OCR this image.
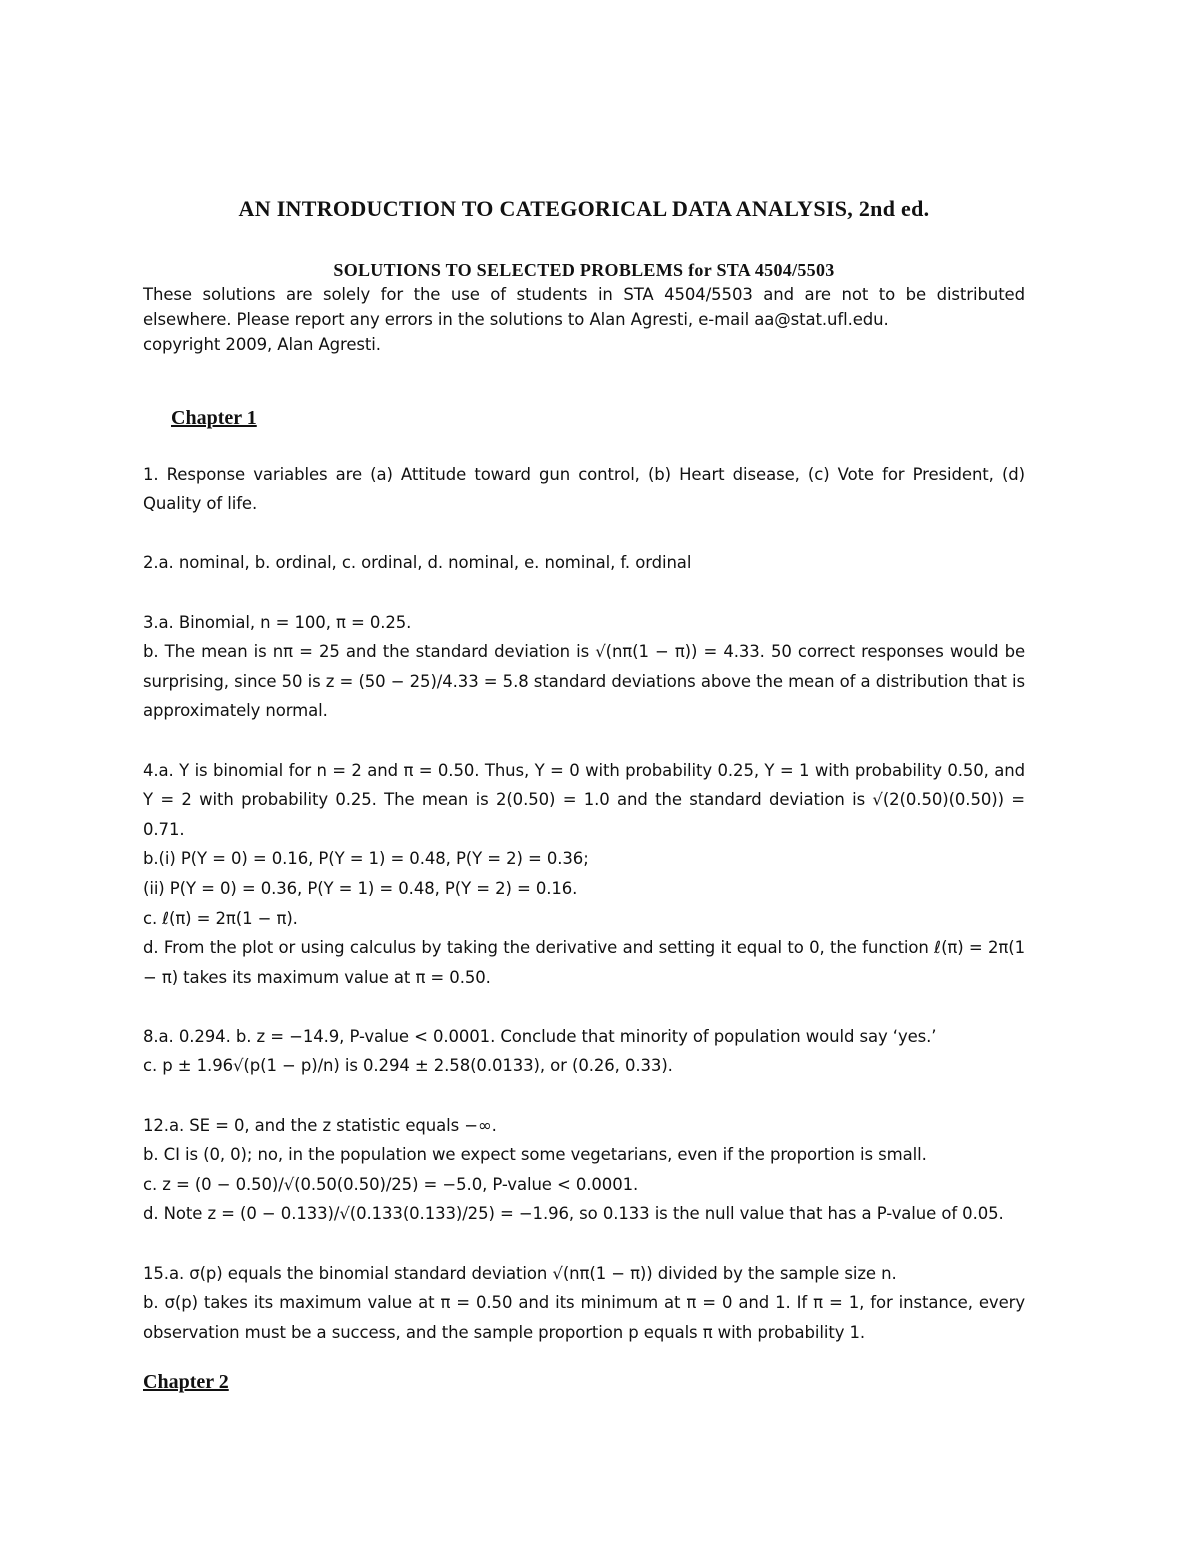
AN INTRODUCTION TO CATEGORICAL DATA ANALYSIS, 2nd ed.
SOLUTIONS TO SELECTED PROBLEMS for STA 4504/5503

These solutions are solely for the use of students in STA 4504/5503 and are not to be distributed elsewhere. Please report any errors in the solutions to Alan Agresti, e-mail aa@stat.ufl.edu.
copyright 2009, Alan Agresti.

Chapter 1

1. Response variables are (a) Attitude toward gun control, (b) Heart disease, (c) Vote for President, (d) Quality of life.

2.a. nominal, b. ordinal, c. ordinal, d. nominal, e. nominal, f. ordinal

3.a. Binomial, n = 100, π = 0.25.
b. The mean is nπ = 25 and the standard deviation is √(nπ(1 − π)) = 4.33. 50 correct responses would be surprising, since 50 is z = (50 − 25)/4.33 = 5.8 standard deviations above the mean of a distribution that is approximately normal.

4.a. Y is binomial for n = 2 and π = 0.50. Thus, Y = 0 with probability 0.25, Y = 1 with probability 0.50, and Y = 2 with probability 0.25. The mean is 2(0.50) = 1.0 and the standard deviation is √(2(0.50)(0.50)) = 0.71.
b.(i) P(Y = 0) = 0.16, P(Y = 1) = 0.48, P(Y = 2) = 0.36;
(ii) P(Y = 0) = 0.36, P(Y = 1) = 0.48, P(Y = 2) = 0.16.
c. ℓ(π) = 2π(1 − π).
d. From the plot or using calculus by taking the derivative and setting it equal to 0, the function ℓ(π) = 2π(1 − π) takes its maximum value at π = 0.50.

8.a. 0.294. b. z = −14.9, P-value < 0.0001. Conclude that minority of population would say ‘yes.’
c. p ± 1.96√(p(1 − p)/n) is 0.294 ± 2.58(0.0133), or (0.26, 0.33).

12.a. SE = 0, and the z statistic equals −∞.
b. CI is (0, 0); no, in the population we expect some vegetarians, even if the proportion is small.
c. z = (0 − 0.50)/√(0.50(0.50)/25) = −5.0, P-value < 0.0001.
d. Note z = (0 − 0.133)/√(0.133(0.133)/25) = −1.96, so 0.133 is the null value that has a P-value of 0.05.

15.a. σ(p) equals the binomial standard deviation √(nπ(1 − π)) divided by the sample size n.
b. σ(p) takes its maximum value at π = 0.50 and its minimum at π = 0 and 1. If π = 1, for instance, every observation must be a success, and the sample proportion p equals π with probability 1.

Chapter 2
